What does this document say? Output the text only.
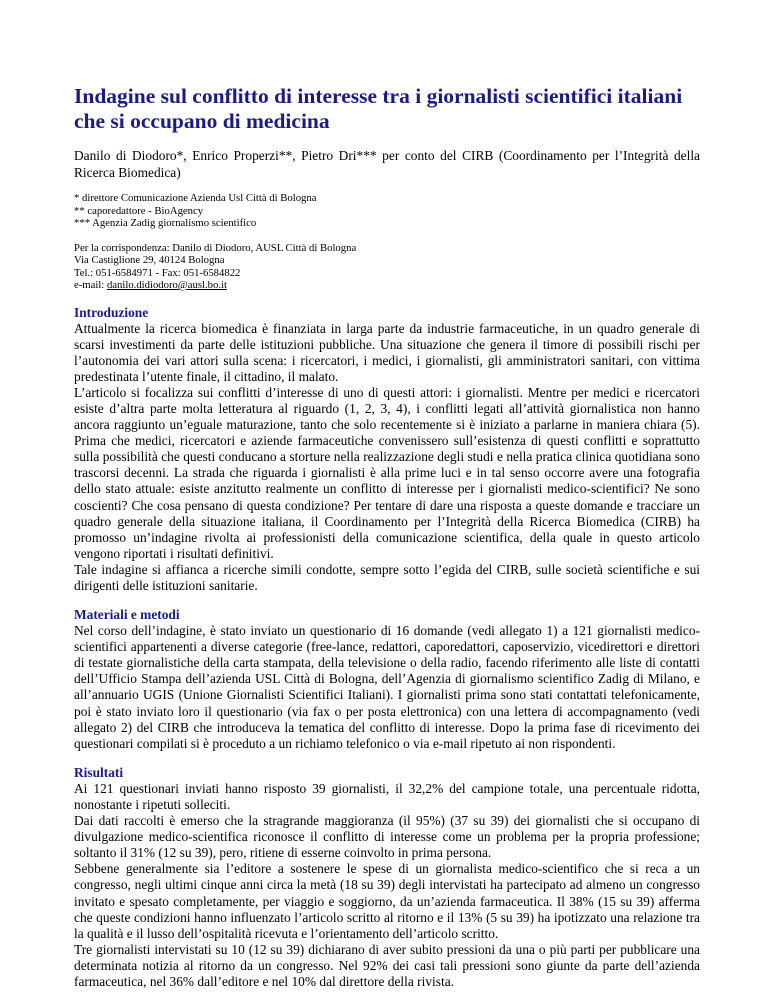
Indagine sul conflitto di interesse tra i giornalisti scientifici italiani che si occupano di medicina

Danilo di Diodoro*, Enrico Properzi**, Pietro Dri*** per conto del CIRB (Coordinamento per l’Integrità della Ricerca Biomedica)

* direttore Comunicazione Azienda Usl Città di Bologna
** caporedattore - BioAgency
*** Agenzia Zadig giornalismo scientifico
Per la corrispondenza: Danilo di Diodoro, AUSL Città di Bologna
Via Castiglione 29, 40124 Bologna
Tel.: 051-6584971 - Fax: 051-6584822
e-mail: danilo.didiodoro@ausl.bo.it
Introduzione

Attualmente la ricerca biomedica è finanziata in larga parte da industrie farmaceutiche, in un quadro generale di scarsi investimenti da parte delle istituzioni pubbliche. Una situazione che genera il timore di possibili rischi per l’autonomia dei vari attori sulla scena: i ricercatori, i medici, i giornalisti, gli amministratori sanitari, con vittima predestinata l’utente finale, il cittadino, il malato.

L’articolo si focalizza sui conflitti d’interesse di uno di questi attori: i giornalisti. Mentre per medici e ricercatori esiste d’altra parte molta letteratura al riguardo (1, 2, 3, 4), i conflitti legati all’attività giornalistica non hanno ancora raggiunto un’eguale maturazione, tanto che solo recentemente si è iniziato a parlarne in maniera chiara (5). Prima che medici, ricercatori e aziende farmaceutiche convenissero sull’esistenza di questi conflitti e soprattutto sulla possibilità che questi conducano a storture nella realizzazione degli studi e nella pratica clinica quotidiana sono trascorsi decenni. La strada che riguarda i giornalisti è alla prime luci e in tal senso occorre avere una fotografia dello stato attuale: esiste anzitutto realmente un conflitto di interesse per i giornalisti medico-scientifici? Ne sono coscienti? Che cosa pensano di questa condizione? Per tentare di dare una risposta a queste domande e tracciare un quadro generale della situazione italiana, il Coordinamento per l’Integrità della Ricerca Biomedica (CIRB) ha promosso un’indagine rivolta ai professionisti della comunicazione scientifica, della quale in questo articolo vengono riportati i risultati definitivi.

Tale indagine si affianca a ricerche simili condotte, sempre sotto l’egida del CIRB, sulle società scientifiche e sui dirigenti delle istituzioni sanitarie.

Materiali e metodi

Nel corso dell’indagine, è stato inviato un questionario di 16 domande (vedi allegato 1) a 121 giornalisti medico-scientifici appartenenti a diverse categorie (free-lance, redattori, caporedattori, caposervizio, vicedirettori e direttori di testate giornalistiche della carta stampata, della televisione o della radio, facendo riferimento alle liste di contatti dell’Ufficio Stampa dell’azienda USL Città di Bologna, dell’Agenzia di giornalismo scientifico Zadig di Milano, e all’annuario UGIS (Unione Giornalisti Scientifici Italiani). I giornalisti prima sono stati contattati telefonicamente, poi è stato inviato loro il questionario (via fax o per posta elettronica) con una lettera di accompagnamento (vedi allegato 2) del CIRB che introduceva la tematica del conflitto di interesse. Dopo la prima fase di ricevimento dei questionari compilati si è proceduto a un richiamo telefonico o via e-mail ripetuto ai non rispondenti.

Risultati

Ai 121 questionari inviati hanno risposto 39 giornalisti, il 32,2% del campione totale, una percentuale ridotta, nonostante i ripetuti solleciti.

Dai dati raccolti è emerso che la stragrande maggioranza (il 95%) (37 su 39) dei giornalisti che si occupano di divulgazione medico-scientifica riconosce il conflitto di interesse come un problema per la propria professione; soltanto il 31% (12 su 39), pero, ritiene di esserne coinvolto in prima persona.

Sebbene generalmente sia l’editore a sostenere le spese di un giornalista medico-scientifico che si reca a un congresso, negli ultimi cinque anni circa la metà (18 su 39) degli intervistati ha partecipato ad almeno un congresso invitato e spesato completamente, per viaggio e soggiorno, da un’azienda farmaceutica. Il 38% (15 su 39) afferma che queste condizioni hanno influenzato l’articolo scritto al ritorno e il 13% (5 su 39) ha ipotizzato una relazione tra la qualità e il lusso dell’ospitalità ricevuta e l’orientamento dell’articolo scritto.

Tre giornalisti intervistati su 10 (12 su 39) dichiarano di aver subito pressioni da una o più parti per pubblicare una determinata notizia al ritorno da un congresso. Nel 92% dei casi tali pressioni sono giunte da parte dell’azienda farmaceutica, nel 36% dall’editore e nel 10% dal direttore della rivista.
